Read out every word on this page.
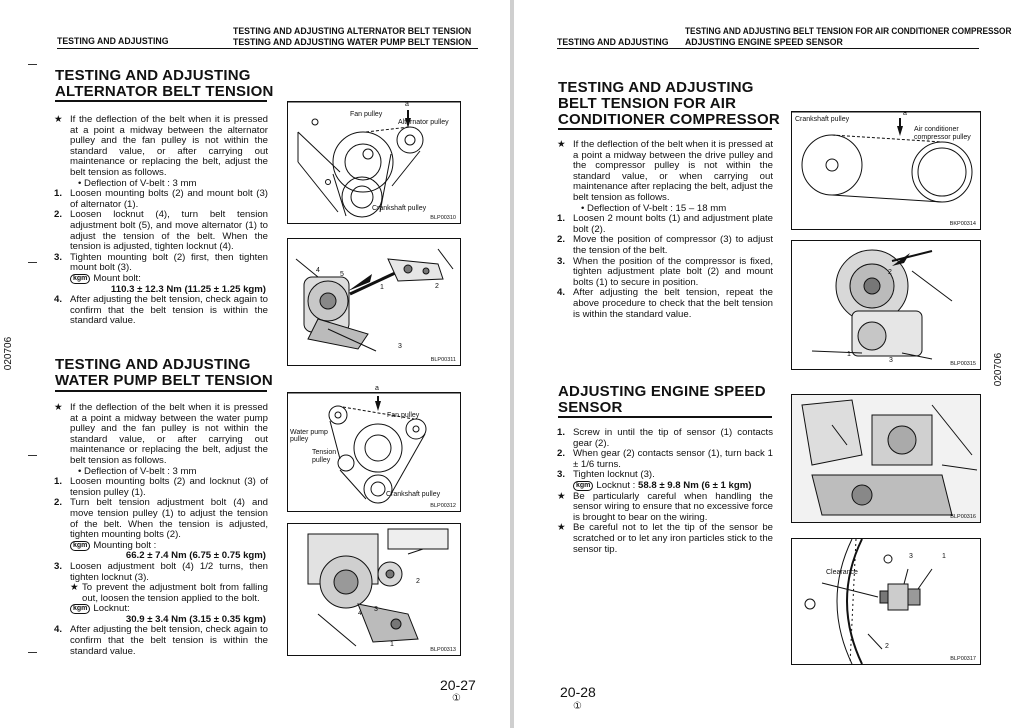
TESTING AND ADJUSTING
TESTING AND ADJUSTING ALTERNATOR BELT TENSION
TESTING AND ADJUSTING WATER PUMP BELT TENSION
020706
TESTING AND ADJUSTING
ALTERNATOR BELT TENSION

★ If the deflection of the belt when it is pressed at a point a midway between the alternator pulley and the fan pulley is not within the standard value, or after carrying out maintenance or replacing the belt, adjust the belt tension as follows.

• Deflection of V-belt : 3 mm

1. Loosen mounting bolts (2) and mount bolt (3) of alternator (1).

2. Loosen locknut (4), turn belt tension adjustment bolt (5), and move alternator (1) to adjust the tension of the belt. When the tension is adjusted, tighten locknut (4).

3. Tighten mounting bolt (2) first, then tighten mount bolt (3).

kgm Mount bolt:

110.3 ± 12.3 Nm (11.25 ± 1.25 kgm)

4. After adjusting the belt tension, check again to confirm that the belt tension is within the standard value.

a
Fan pulley
Alternator pulley
Crankshaft pulley
BLP00310
4
5
1	2
3
BLP00311
TESTING AND ADJUSTING
WATER PUMP BELT TENSION

★ If the deflection of the belt when it is pressed at a point a midway between the water pump pulley and the fan pulley is not within the standard value, or after carrying out maintenance or replacing the belt, adjust the belt tension as follows.

• Deflection of V-belt : 3 mm

1. Loosen mounting bolts (2) and locknut (3) of tension pulley (1).

2. Turn belt tension adjustment bolt (4) and move tension pulley (1) to adjust the tension of the belt. When the tension is adjusted, tighten mounting bolts (2).

kgm Mounting bolt :

66.2 ± 7.4 Nm (6.75 ± 0.75 kgm)

3. Loosen adjustment bolt (4) 1/2 turns, then tighten locknut (3).

★ To prevent the adjustment bolt from falling out, loosen the tension applied to the bolt.

kgm Locknut:

30.9 ± 3.4 Nm (3.15 ± 0.35 kgm)

4. After adjusting the belt tension, check again to confirm that the belt tension is within the standard value.

a
Fan pulley
Water pump
pulley
Tension
pulley
Crankshaft pulley
BLP00312
2
4
3
1
BLP00313
20-27
①
TESTING AND ADJUSTING
TESTING AND ADJUSTING BELT TENSION FOR AIR CONDITIONER COMPRESSOR
ADJUSTING ENGINE SPEED SENSOR
020706
TESTING AND ADJUSTING
BELT TENSION FOR AIR
CONDITIONER COMPRESSOR

★ If the deflection of the belt when it is pressed at a point a midway between the drive pulley and the compressor pulley is not within the standard value, or when carrying out maintenance after replacing the belt, adjust the belt tension as follows.

• Deflection of V-belt : 15 – 18 mm

1. Loosen 2 mount bolts (1) and adjustment plate bolt (2).

2. Move the position of compressor (3) to adjust the tension of the belt.

3. When the position of the compressor is fixed, tighten adjustment plate bolt (2) and mount bolts (1) to secure in position.

4. After adjusting the belt tension, repeat the above procedure to check that the belt tension is within the standard value.

a
Crankshaft pulley
Air conditioner
compressor pulley
BKP00314
2
1
3	BLP00315
ADJUSTING ENGINE SPEED
SENSOR

1. Screw in until the tip of sensor (1) contacts gear (2).

2. When gear (2) contacts sensor (1), turn back 1 ± 1/6 turns.

3. Tighten locknut (3).

kgm Locknut : 58.8 ± 9.8 Nm (6 ± 1 kgm)

★ Be particularly careful when handling the sensor wiring to ensure that no excessive force is brought to bear on the wiring.

★ Be careful not to let the tip of the sensor be scratched or to let any iron particles stick to the sensor tip.

BLP00316
Clearance
3	1
2
BLP00317
20-28
①
